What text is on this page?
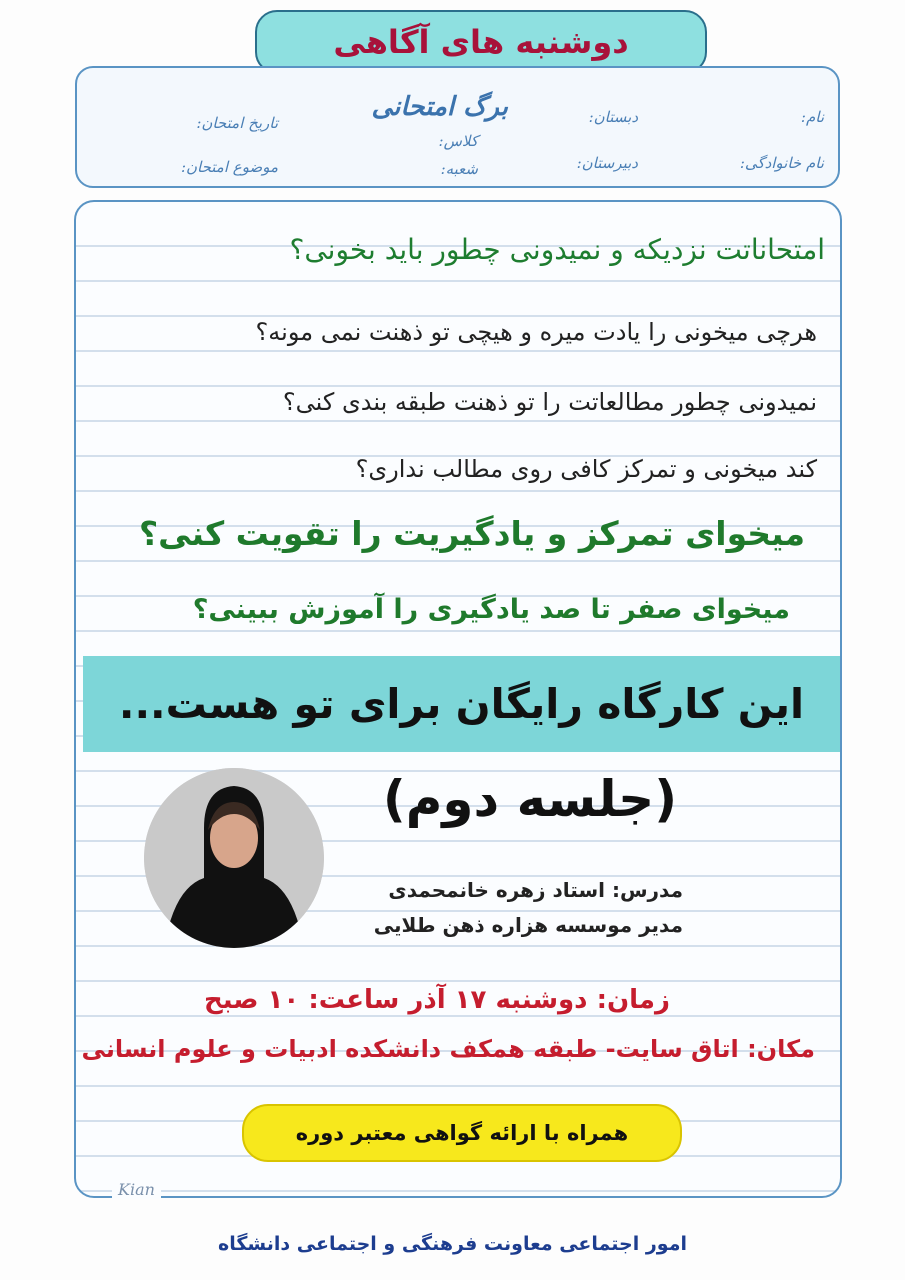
دوشنبه های آگاهی
نام:
نام خانوادگی:
دبستان:
دبیرستان:
برگ امتحانی
کلاس:
شعبه:
تاریخ امتحان:
موضوع امتحان:
امتحاناتت نزدیکه و نمیدونی چطور باید بخونی؟
هرچی میخونی را یادت میره و هیچی تو ذهنت نمی مونه؟
نمیدونی چطور مطالعاتت را تو ذهنت طبقه بندی کنی؟
کند میخونی و تمرکز کافی روی مطالب نداری؟
میخوای تمرکز و یادگیریت را تقویت کنی؟
میخوای صفر تا صد یادگیری را آموزش ببینی؟
این کارگاه رایگان برای تو هست...
(جلسه دوم)
مدرس: استاد زهره خانمحمدی
مدیر موسسه هزاره ذهن طلایی
زمان: دوشنبه ۱۷ آذر ساعت: ۱۰ صبح
مکان: اتاق سایت- طبقه همکف دانشکده ادبیات و علوم انسانی
همراه با ارائه گواهی معتبر دوره
Kian
امور اجتماعی معاونت فرهنگی و اجتماعی دانشگاه
